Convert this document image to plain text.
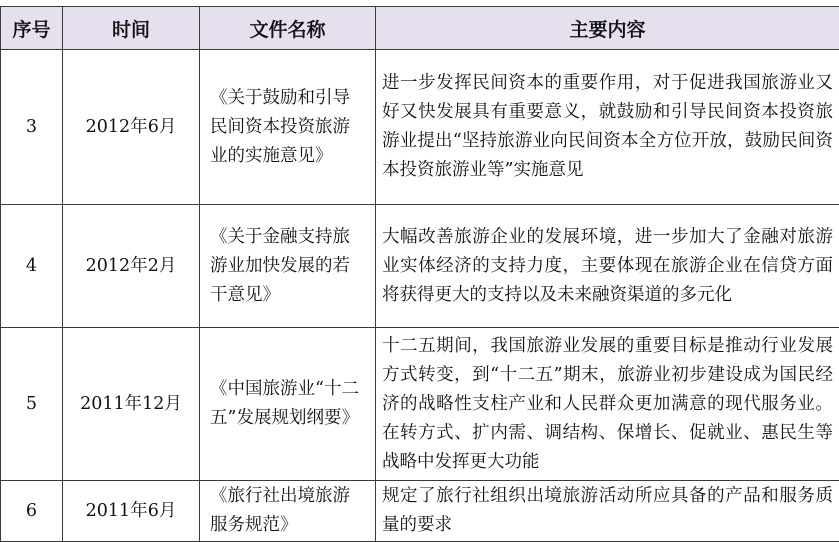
序号	时间	文件名称	主要内容
3	2012年6月	《关于鼓励和引导民间资本投资旅游业的实施意见》	进一步发挥民间资本的重要作用，对于促进我国旅游业又好又快发展具有重要意义，就鼓励和引导民间资本投资旅游业提出“坚持旅游业向民间资本全方位开放，鼓励民间资本投资旅游业等”实施意见
4	2012年2月	《关于金融支持旅游业加快发展的若干意见》	大幅改善旅游企业的发展环境，进一步加大了金融对旅游业实体经济的支持力度，主要体现在旅游企业在信贷方面将获得更大的支持以及未来融资渠道的多元化
5	2011年12月	《中国旅游业“十二五”发展规划纲要》	十二五期间，我国旅游业发展的重要目标是推动行业发展方式转变，到“十二五”期末，旅游业初步建设成为国民经济的战略性支柱产业和人民群众更加满意的现代服务业。在转方式、扩内需、调结构、保增长、促就业、惠民生等战略中发挥更大功能
6	2011年6月	《旅行社出境旅游服务规范》	规定了旅行社组织出境旅游活动所应具备的产品和服务质量的要求
